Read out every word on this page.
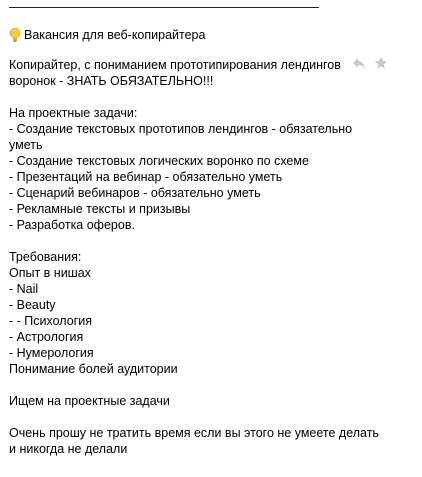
Вакансия для веб-копирайтера
Копирайтер, с пониманием прототипирования лендингов
воронок - ЗНАТЬ ОБЯЗАТЕЛЬНО!!!
На проектные задачи:
- Создание текстовых прототипов лендингов - обязательно
уметь
- Создание текстовых логических воронко по схеме
- Презентаций на вебинар - обязательно уметь
- Сценарий вебинаров - обязательно уметь
- Рекламные тексты и призывы
- Разработка оферов.
Требования:
Опыт в нишах
- Nail
- Beauty
- - Психология
- Астрология
- Нумерология
Понимание болей аудитории
Ищем на проектные задачи
Очень прошу не тратить время если вы этого не умеете делать
и никогда не делали
